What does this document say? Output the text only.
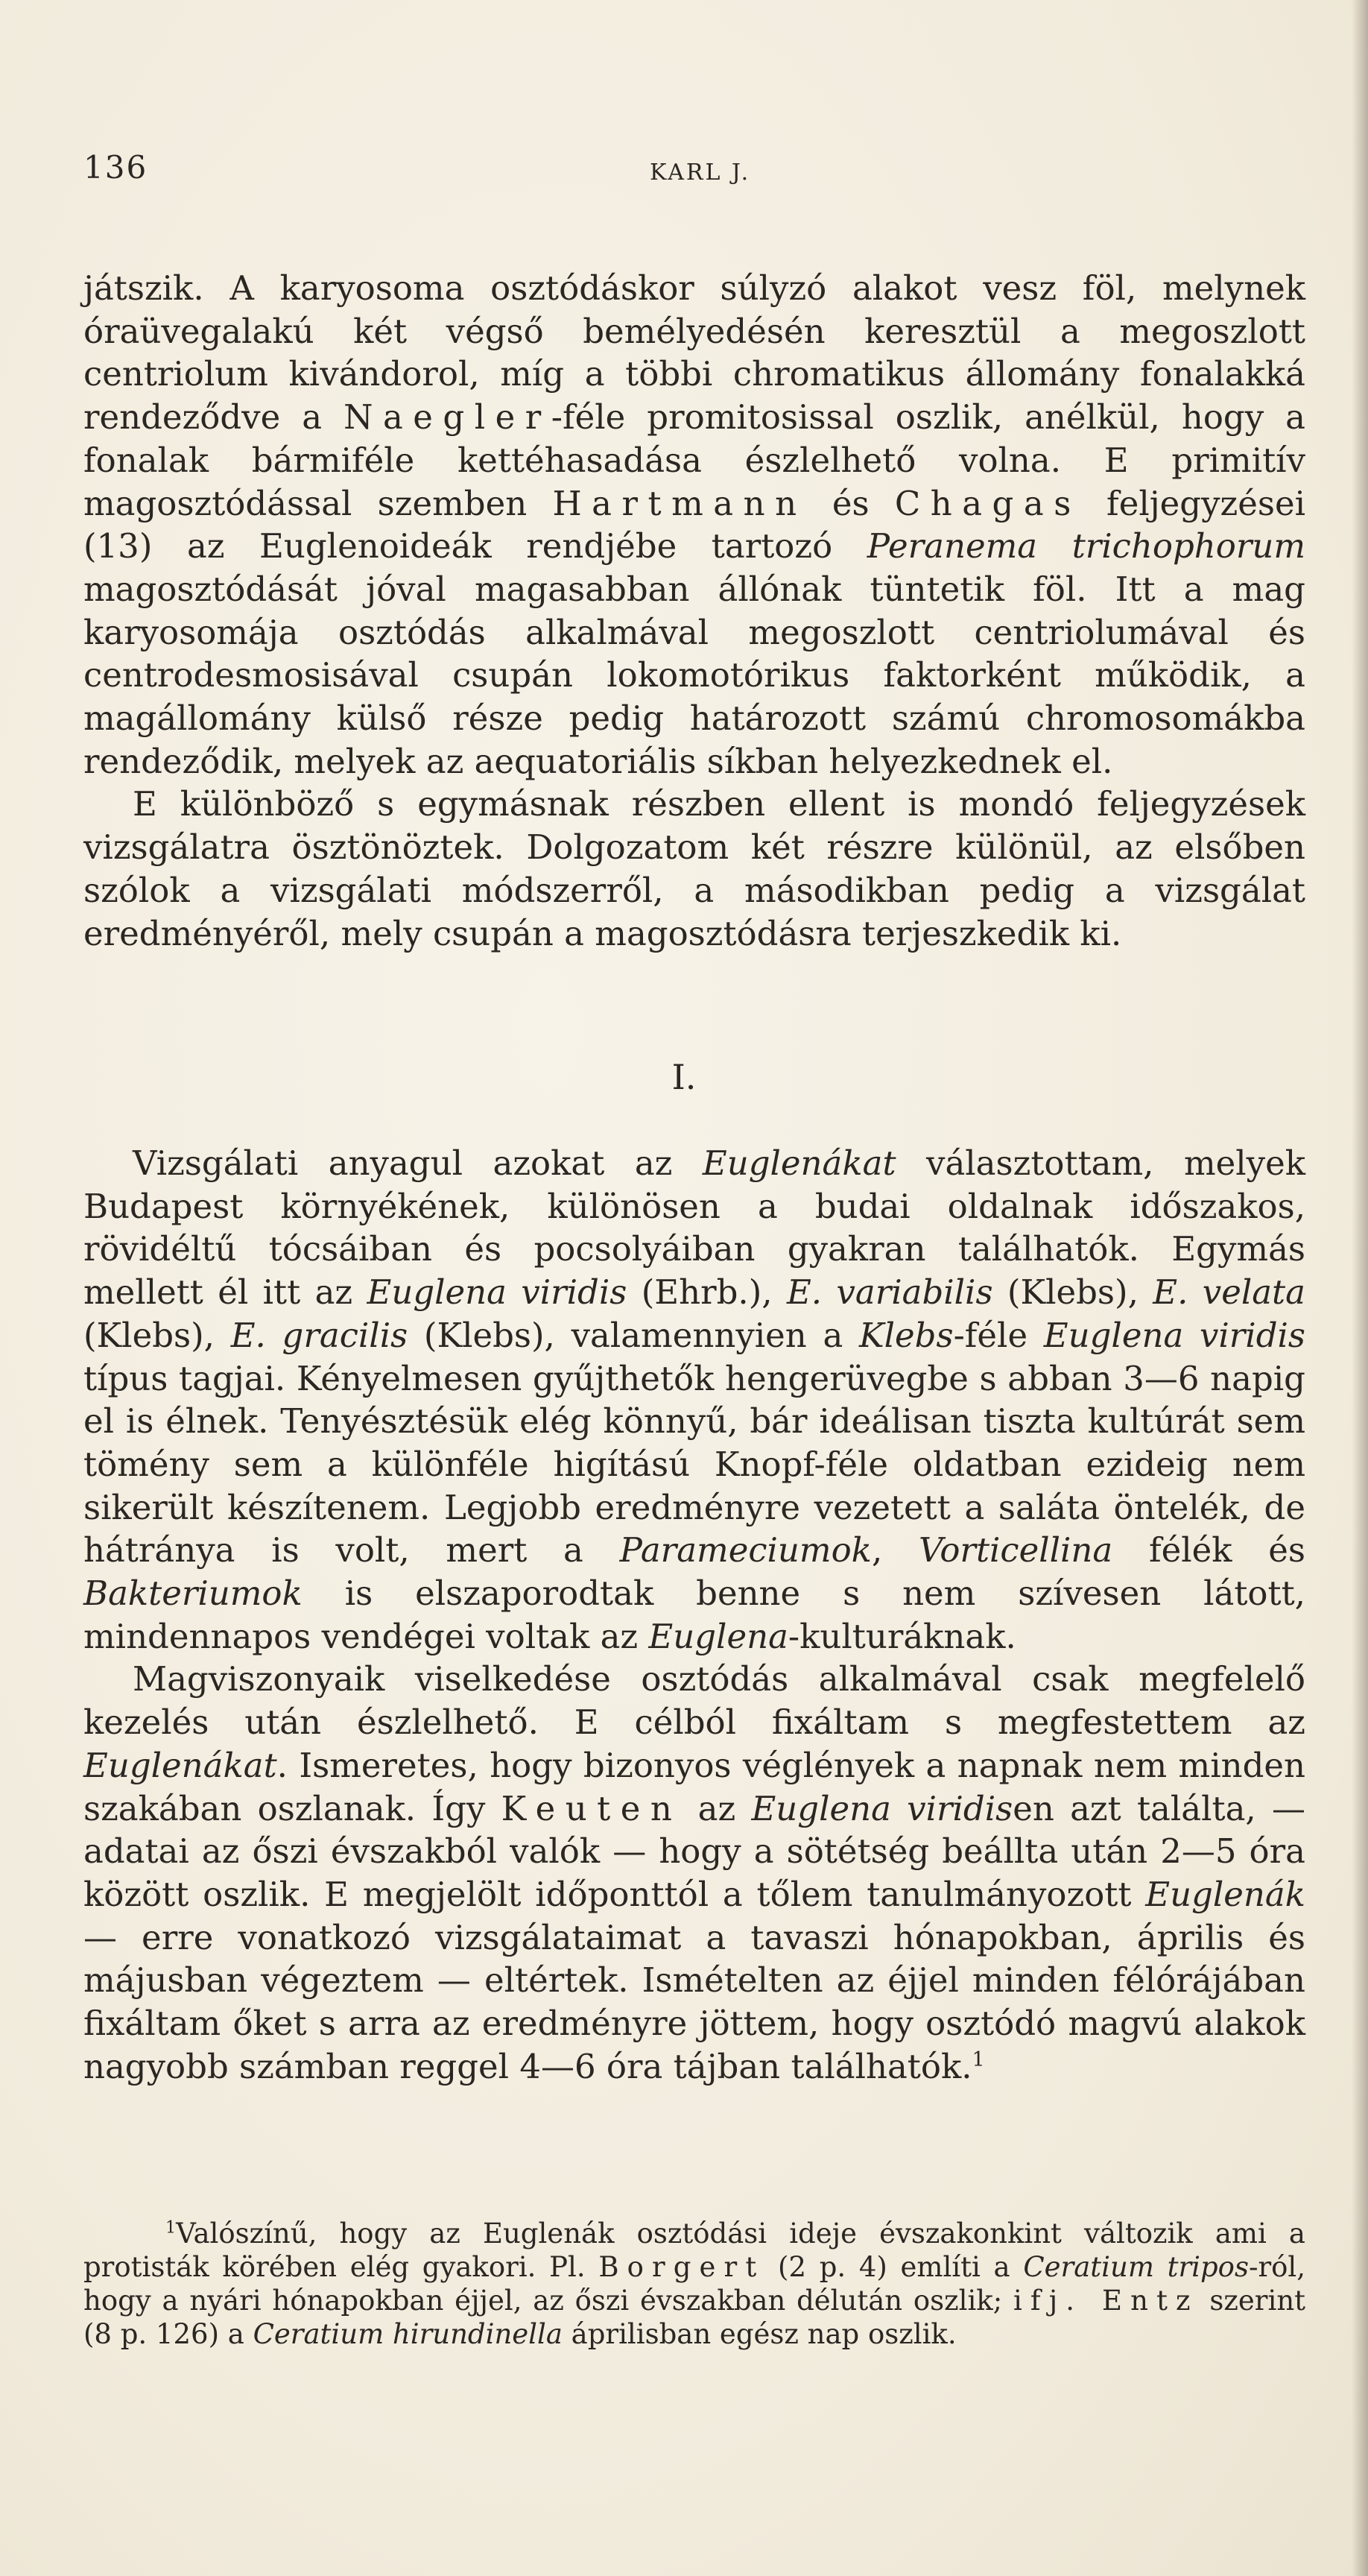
136	KARL J.

játszik. A karyosoma osztódáskor súlyzó alakot vesz föl, melynek óraüvegalakú két végső bemélyedésén keresztül a megoszlott centriolum kivándorol, míg a többi chromatikus állomány fonalakká rendeződve a Naegler-féle promitosissal oszlik, anélkül, hogy a fonalak bármiféle kettéhasadása észlelhető volna. E primitív magosztódással szemben Hartmann és Chagas feljegyzései (13) az Euglenoideák rendjébe tartozó Peranema trichophorum magosztódását jóval magasabban állónak tüntetik föl. Itt a mag karyosomája osztódás alkalmával megoszlott centriolumával és centrodesmosisával csupán lokomotórikus faktorként működik, a magállomány külső része pedig határozott számú chromosomákba rendeződik, melyek az aequatoriális síkban helyezkednek el.

E különböző s egymásnak részben ellent is mondó feljegyzések vizsgálatra ösztönöztek. Dolgozatom két részre különül, az elsőben szólok a vizsgálati módszerről, a másodikban pedig a vizsgálat eredményéről, mely csupán a magosztódásra terjeszkedik ki.

I.

Vizsgálati anyagul azokat az Euglenákat választottam, melyek Budapest környékének, különösen a budai oldalnak időszakos, rövidéltű tócsáiban és pocsolyáiban gyakran találhatók. Egymás mellett él itt az Euglena viridis (Ehrb.), E. variabilis (Klebs), E. velata (Klebs), E. gracilis (Klebs), valamennyien a Klebs-féle Euglena viridis típus tagjai. Kényelmesen gyűjthetők hengerüvegbe s abban 3—6 napig el is élnek. Tenyésztésük elég könnyű, bár ideálisan tiszta kultúrát sem tömény sem a különféle higítású Knopf-féle oldatban ezideig nem sikerült készítenem. Legjobb eredményre vezetett a saláta öntelék, de hátránya is volt, mert a Parameciumok, Vorticellina félék és Bakteriumok is elszaporodtak benne s nem szívesen látott, mindennapos vendégei voltak az Euglena-kulturáknak.

Magviszonyaik viselkedése osztódás alkalmával csak megfelelő kezelés után észlelhető. E célból fixáltam s megfestettem az Euglenákat. Ismeretes, hogy bizonyos véglények a napnak nem minden szakában oszlanak. Így Keuten az Euglena viridisen azt találta, — adatai az őszi évszakból valók — hogy a sötétség beállta után 2—5 óra között oszlik. E megjelölt időponttól a tőlem tanulmányozott Euglenák — erre vonatkozó vizsgálataimat a tavaszi hónapokban, április és májusban végeztem — eltértek. Ismételten az éjjel minden félórájában fixáltam őket s arra az eredményre jöttem, hogy osztódó magvú alakok nagyobb számban reggel 4—6 óra tájban találhatók.$^1$

$^1$Valószínű, hogy az Euglenák osztódási ideje évszakonkint változik ami a protisták körében elég gyakori. Pl. Borgert (2 p. 4) említi a Ceratium tripos-ról, hogy a nyári hónapokban éjjel, az őszi évszakban délután oszlik; ifj. Entz szerint (8 p. 126) a Ceratium hirundinella áprilisban egész nap oszlik.
